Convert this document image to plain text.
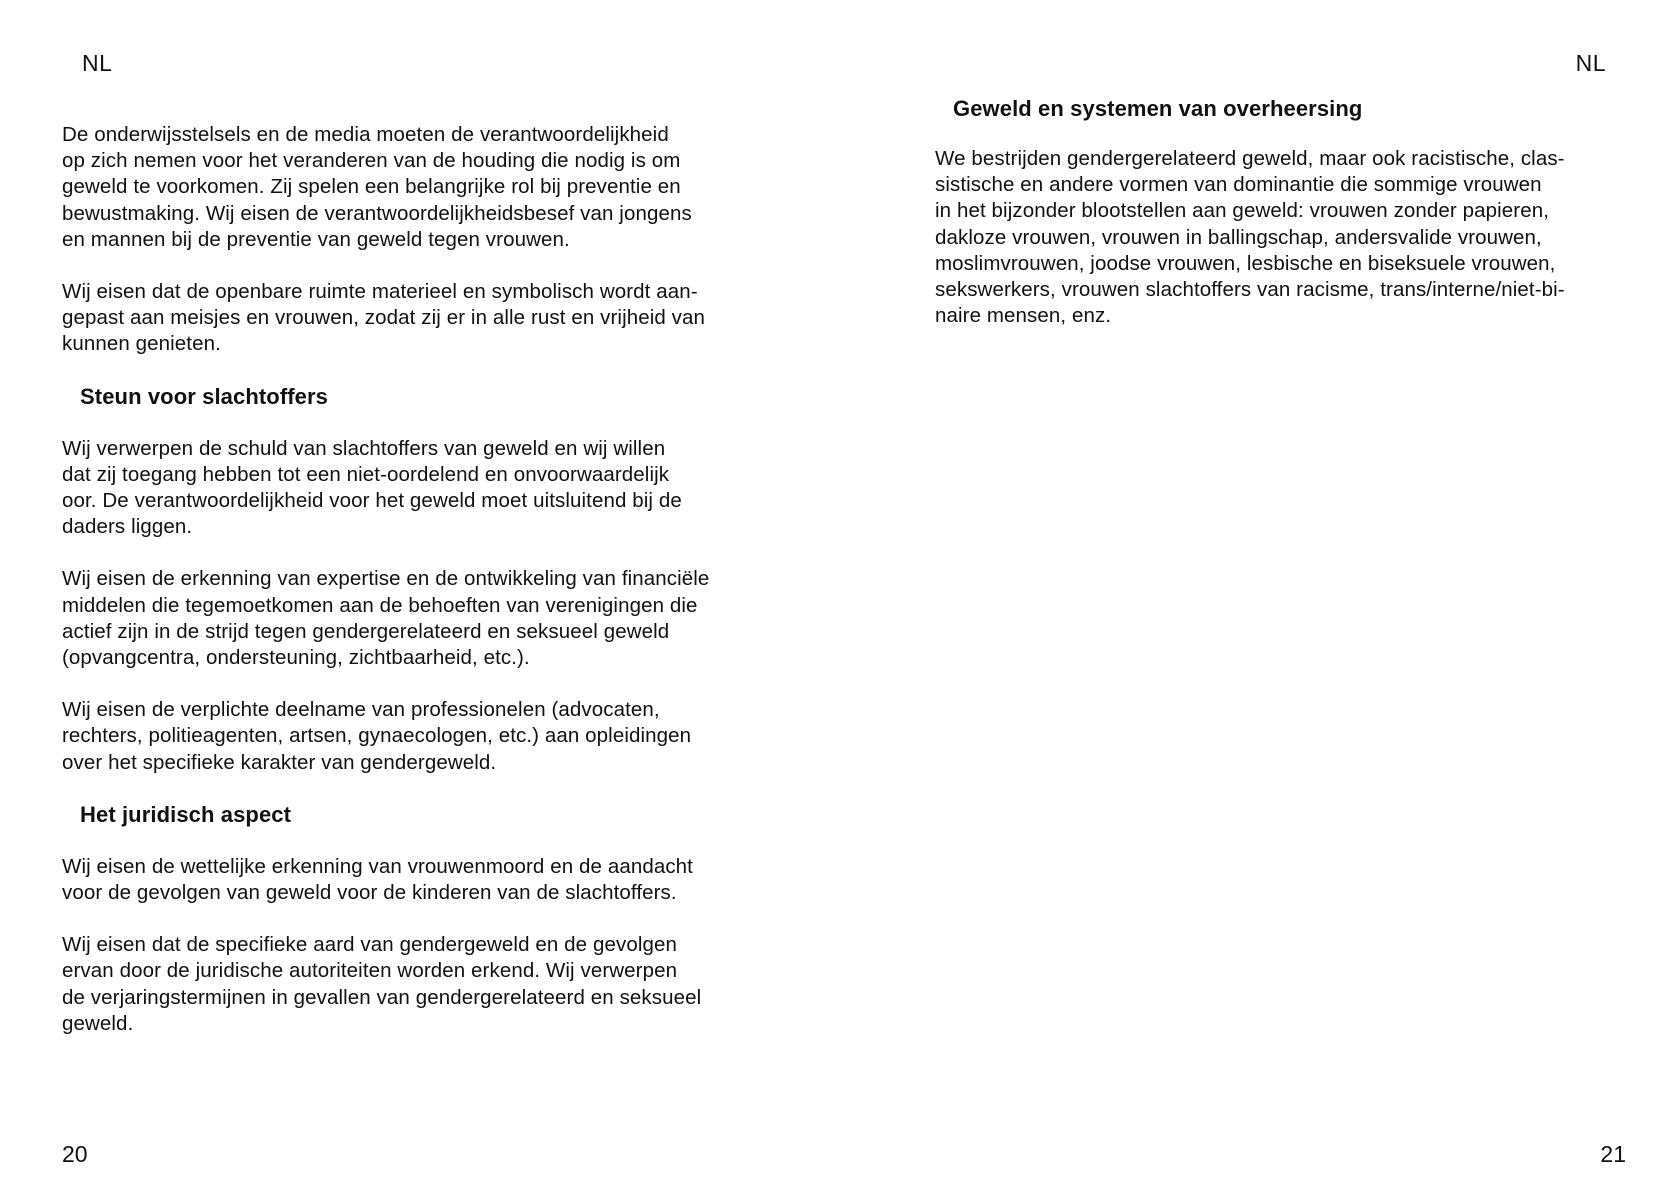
NL

De onderwijsstelsels en de media moeten de verantwoordelijkheid
op zich nemen voor het veranderen van de houding die nodig is om
geweld te voorkomen. Zij spelen een belangrijke rol bij preventie en
bewustmaking. Wij eisen de verantwoordelijkheidsbesef van jongens
en mannen bij de preventie van geweld tegen vrouwen.

Wij eisen dat de openbare ruimte materieel en symbolisch wordt aan-
gepast aan meisjes en vrouwen, zodat zij er in alle rust en vrijheid van
kunnen genieten.

Steun voor slachtoffers

Wij verwerpen de schuld van slachtoffers van geweld en wij willen
dat zij toegang hebben tot een niet-oordelend en onvoorwaardelijk
oor. De verantwoordelijkheid voor het geweld moet uitsluitend bij de
daders liggen.

Wij eisen de erkenning van expertise en de ontwikkeling van financiële
middelen die tegemoetkomen aan de behoeften van verenigingen die
actief zijn in de strijd tegen gendergerelateerd en seksueel geweld
(opvangcentra, ondersteuning, zichtbaarheid, etc.).

Wij eisen de verplichte deelname van professionelen (advocaten,
rechters, politieagenten, artsen, gynaecologen, etc.) aan opleidingen
over het specifieke karakter van gendergeweld.

Het juridisch aspect

Wij eisen de wettelijke erkenning van vrouwenmoord en de aandacht
voor de gevolgen van geweld voor de kinderen van de slachtoffers.

Wij eisen dat de specifieke aard van gendergeweld en de gevolgen
ervan door de juridische autoriteiten worden erkend. Wij verwerpen
de verjaringstermijnen in gevallen van gendergerelateerd en seksueel
geweld.

20
NL
Geweld en systemen van overheersing

We bestrijden gendergerelateerd geweld, maar ook racistische, clas-
sistische en andere vormen van dominantie die sommige vrouwen
in het bijzonder blootstellen aan geweld: vrouwen zonder papieren,
dakloze vrouwen, vrouwen in ballingschap, andersvalide vrouwen,
moslimvrouwen, joodse vrouwen, lesbische en biseksuele vrouwen,
sekswerkers, vrouwen slachtoffers van racisme, trans/interne/niet-bi-
naire mensen, enz.

21
